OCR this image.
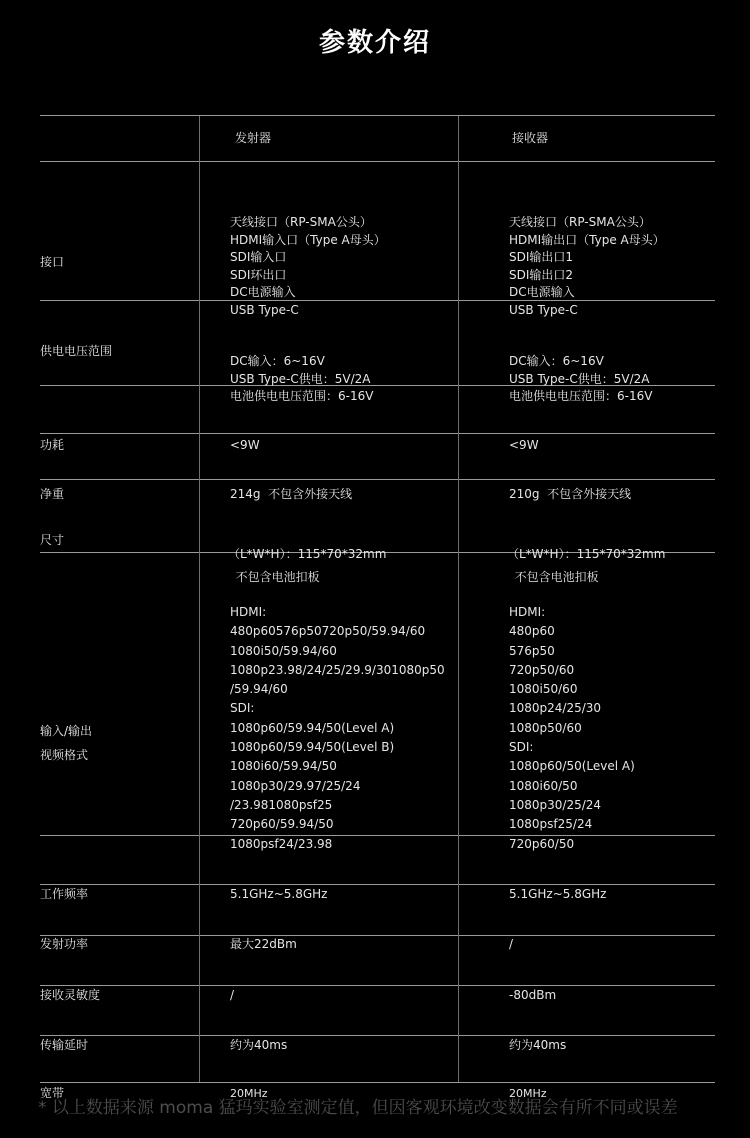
参数介绍
发射器	接收器

接口

天线接口（RP-SMA公头）
HDMI输入口（Type A母头）
SDI输入口
SDI环出口
DC电源输入
USB Type-C

天线接口（RP-SMA公头）
HDMI输出口（Type A母头）
SDI输出口1
SDI输出口2
DC电源输入
USB Type-C

供电电压范围

DC输入：6~16V
USB Type-C供电：5V/2A
电池供电电压范围：6-16V

DC输入：6~16V
USB Type-C供电：5V/2A
电池供电电压范围：6-16V

功耗

	<9W

	<9W

净重

	214g  不包含外接天线

	210g  不包含外接天线

尺寸

（L*W*H）：115*70*32mm
不包含电池扣板

（L*W*H）：115*70*32mm
不包含电池扣板

输入/输出
视频格式

HDMI:
480p60576p50720p50/59.94/60
1080i50/59.94/60
1080p23.98/24/25/29.9/301080p50
/59.94/60
SDI:
1080p60/59.94/50(Level A)
1080p60/59.94/50(Level B)
1080i60/59.94/50
1080p30/29.97/25/24
/23.981080psf25
720p60/59.94/50
1080psf24/23.98

HDMI:
480p60
576p50
720p50/60
1080i50/60
1080p24/25/30
1080p50/60
SDI:
1080p60/50(Level A)
1080i60/50
1080p30/25/24
1080psf25/24
720p60/50

工作频率

	5.1GHz~5.8GHz

	5.1GHz~5.8GHz

发射功率

	最大22dBm

	/

接收灵敏度

	/

	-80dBm

传输延时

	约为40ms

	约为40ms

宽带

	20MHz

	20MHz

* 以上数据来源 moma 猛玛实验室测定值，但因客观环境改变数据会有所不同或误差
